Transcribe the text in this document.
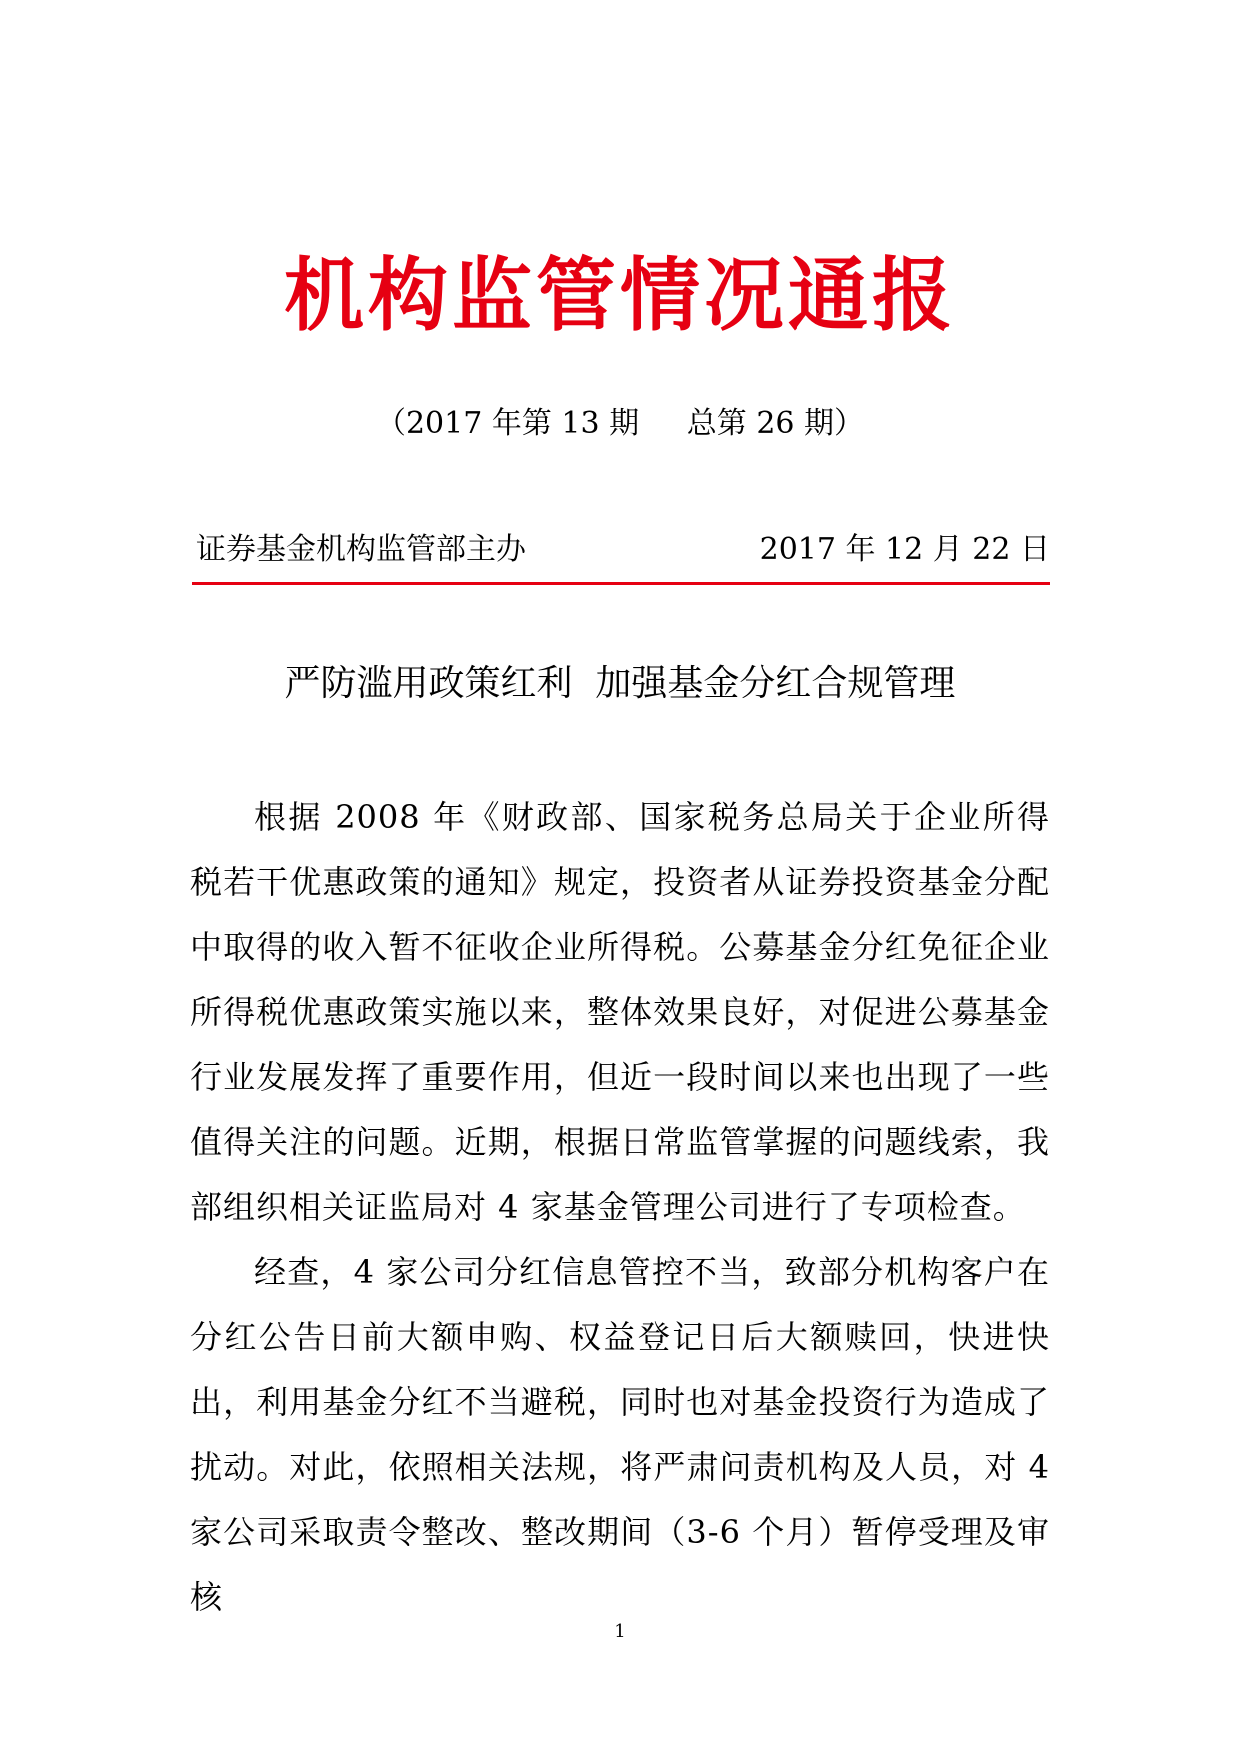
机构监管情况通报
（2017 年第 13 期 总第 26 期）
证券基金机构监管部主办	2017 年 12 月 22 日
严防滥用政策红利  加强基金分红合规管理

根据 2008 年《财政部、国家税务总局关于企业所得税若干优惠政策的通知》规定，投资者从证券投资基金分配中取得的收入暂不征收企业所得税。公募基金分红免征企业所得税优惠政策实施以来，整体效果良好，对促进公募基金行业发展发挥了重要作用，但近一段时间以来也出现了一些值得关注的问题。近期，根据日常监管掌握的问题线索，我部组织相关证监局对 4 家基金管理公司进行了专项检查。

经查，4 家公司分红信息管控不当，致部分机构客户在分红公告日前大额申购、权益登记日后大额赎回，快进快出，利用基金分红不当避税，同时也对基金投资行为造成了扰动。对此，依照相关法规，将严肃问责机构及人员，对 4 家公司采取责令整改、整改期间（3-6 个月）暂停受理及审核

1
